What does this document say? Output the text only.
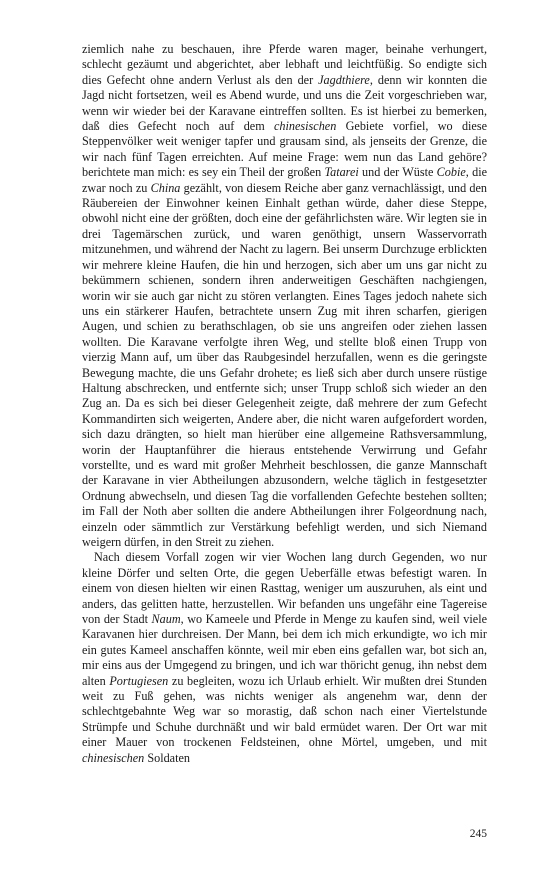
ziemlich nahe zu beschauen, ihre Pferde waren mager, beinahe verhungert, schlecht gezäumt und abgerichtet, aber lebhaft und leichtfüßig. So endigte sich dies Gefecht ohne andern Verlust als den der Jagdthiere, denn wir konnten die Jagd nicht fortsetzen, weil es Abend wurde, und uns die Zeit vorgeschrieben war, wenn wir wieder bei der Karavane eintreffen sollten. Es ist hierbei zu bemerken, daß dies Gefecht noch auf dem chinesischen Gebiete vorfiel, wo diese Steppenvölker weit weniger tapfer und grausam sind, als jenseits der Grenze, die wir nach fünf Tagen erreichten. Auf meine Frage: wem nun das Land gehöre? berichtete man mich: es sey ein Theil der großen Tatarei und der Wüste Cobie, die zwar noch zu China gezählt, von diesem Reiche aber ganz vernachlässigt, und den Räubereien der Einwohner keinen Einhalt gethan würde, daher diese Steppe, obwohl nicht eine der größten, doch eine der gefährlichsten wäre. Wir legten sie in drei Tagemärschen zurück, und waren genöthigt, unsern Wasservorrath mitzunehmen, und während der Nacht zu lagern. Bei unserm Durchzuge erblickten wir mehrere kleine Haufen, die hin und herzogen, sich aber um uns gar nicht zu bekümmern schienen, sondern ihren anderweitigen Geschäften nachgiengen, worin wir sie auch gar nicht zu stören verlangten. Eines Tages jedoch nahete sich uns ein stärkerer Haufen, betrachtete unsern Zug mit ihren scharfen, gierigen Augen, und schien zu berathschlagen, ob sie uns angreifen oder ziehen lassen wollten. Die Karavane verfolgte ihren Weg, und stellte bloß einen Trupp von vierzig Mann auf, um über das Raubgesindel herzufallen, wenn es die geringste Bewegung machte, die uns Gefahr drohete; es ließ sich aber durch unsere rüstige Haltung abschrecken, und entfernte sich; unser Trupp schloß sich wieder an den Zug an. Da es sich bei dieser Gelegenheit zeigte, daß mehrere der zum Gefecht Kommandirten sich weigerten, Andere aber, die nicht waren aufgefordert worden, sich dazu drängten, so hielt man hierüber eine allgemeine Rathsversammlung, worin der Hauptanführer die hieraus entstehende Verwirrung und Gefahr vorstellte, und es ward mit großer Mehrheit beschlossen, die ganze Mannschaft der Karavane in vier Abtheilungen abzusondern, welche täglich in festgesetzter Ordnung abwechseln, und diesen Tag die vorfallenden Gefechte bestehen sollten; im Fall der Noth aber sollten die andere Abtheilungen ihrer Folgeordnung nach, einzeln oder sämmtlich zur Verstärkung befehligt werden, und sich Niemand weigern dürfen, in den Streit zu ziehen.

Nach diesem Vorfall zogen wir vier Wochen lang durch Gegenden, wo nur kleine Dörfer und selten Orte, die gegen Ueberfälle etwas befestigt waren. In einem von diesen hielten wir einen Rasttag, weniger um auszuruhen, als eint und anders, das gelitten hatte, herzustellen. Wir befanden uns ungefähr eine Tagereise von der Stadt Naum, wo Kameele und Pferde in Menge zu kaufen sind, weil viele Karavanen hier durchreisen. Der Mann, bei dem ich mich erkundigte, wo ich mir ein gutes Kameel anschaffen könnte, weil mir eben eins gefallen war, bot sich an, mir eins aus der Umgegend zu bringen, und ich war thöricht genug, ihn nebst dem alten Portugiesen zu begleiten, wozu ich Urlaub erhielt. Wir mußten drei Stunden weit zu Fuß gehen, was nichts weniger als angenehm war, denn der schlechtgebahnte Weg war so morastig, daß schon nach einer Viertelstunde Strümpfe und Schuhe durchnäßt und wir bald ermüdet waren. Der Ort war mit einer Mauer von trockenen Feldsteinen, ohne Mörtel, umgeben, und mit chinesischen Soldaten

245
